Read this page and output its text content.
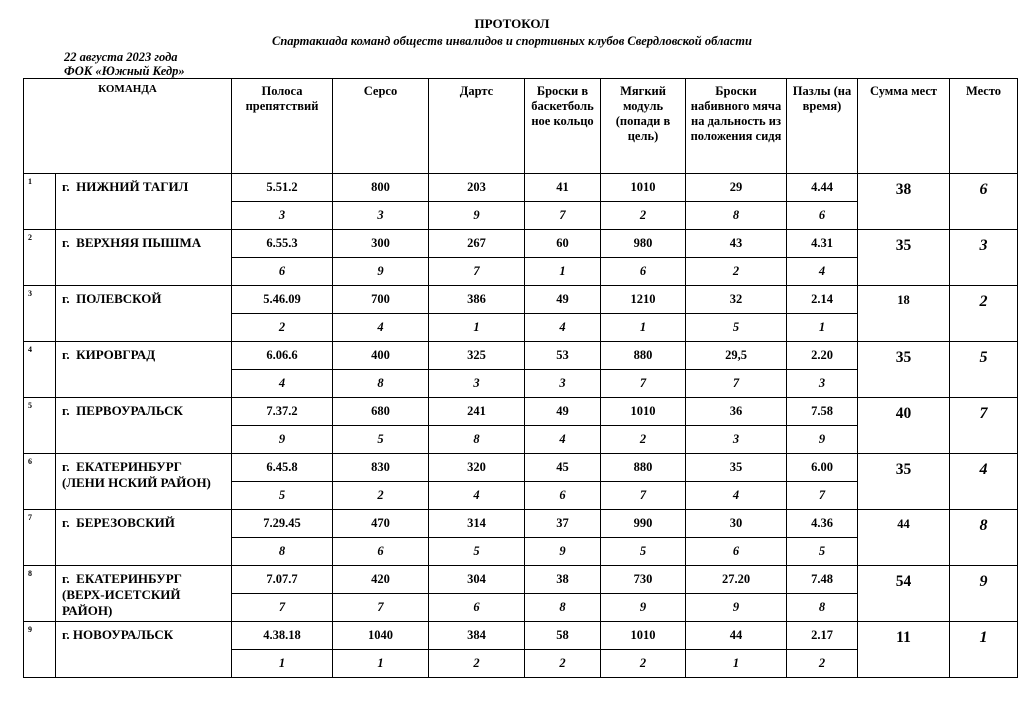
ПРОТОКОЛ
Спартакиада команд обществ инвалидов и спортивных клубов Свердловской области
22 августа 2023 года
ФОК «Южный Кедр»
КОМАНДА		Полоса препятствий	Серсо	Дартс	Броски в баскетболь ное кольцо	Мягкий модуль (попади в цель)	Броски набивного мяча на дальность из положения сидя	Пазлы (на время)	Сумма мест	Место
1	г.  НИЖНИЙ ТАГИЛ	5.51.2	800	203	41	1010	29	4.44	38	6
		3	3	9	7	2	8	6		
2	г.  ВЕРХНЯЯ ПЫШМА	6.55.3	300	267	60	980	43	4.31	35	3
		6	9	7	1	6	2	4		
3	г.  ПОЛЕВСКОЙ	5.46.09	700	386	49	1210	32	2.14	18	2
		2	4	1	4	1	5	1		
4	г.  КИРОВГРАД	6.06.6	400	325	53	880	29,5	2.20	35	5
		4	8	3	3	7	7	3		
5	г.  ПЕРВОУРАЛЬСК	7.37.2	680	241	49	1010	36	7.58	40	7
		9	5	8	4	2	3	9		
6	г.  ЕКАТЕРИНБУРГ
(ЛЕНИ НСКИЙ РАЙОН)	6.45.8	830	320	45	880	35	6.00	35	4
		5	2	4	6	7	4	7		
7	г.  БЕРЕЗОВСКИЙ	7.29.45	470	314	37	990	30	4.36	44	8
		8	6	5	9	5	6	5		
8	г.  ЕКАТЕРИНБУРГ
(ВЕРХ-ИСЕТСКИЙ
РАЙОН)	7.07.7	420	304	38	730	27.20	7.48	54	9
		7	7	6	8	9	9	8		
9	г. НОВОУРАЛЬСК	4.38.18	1040	384	58	1010	44	2.17	11	1
		1	1	2	2	2	1	2		
